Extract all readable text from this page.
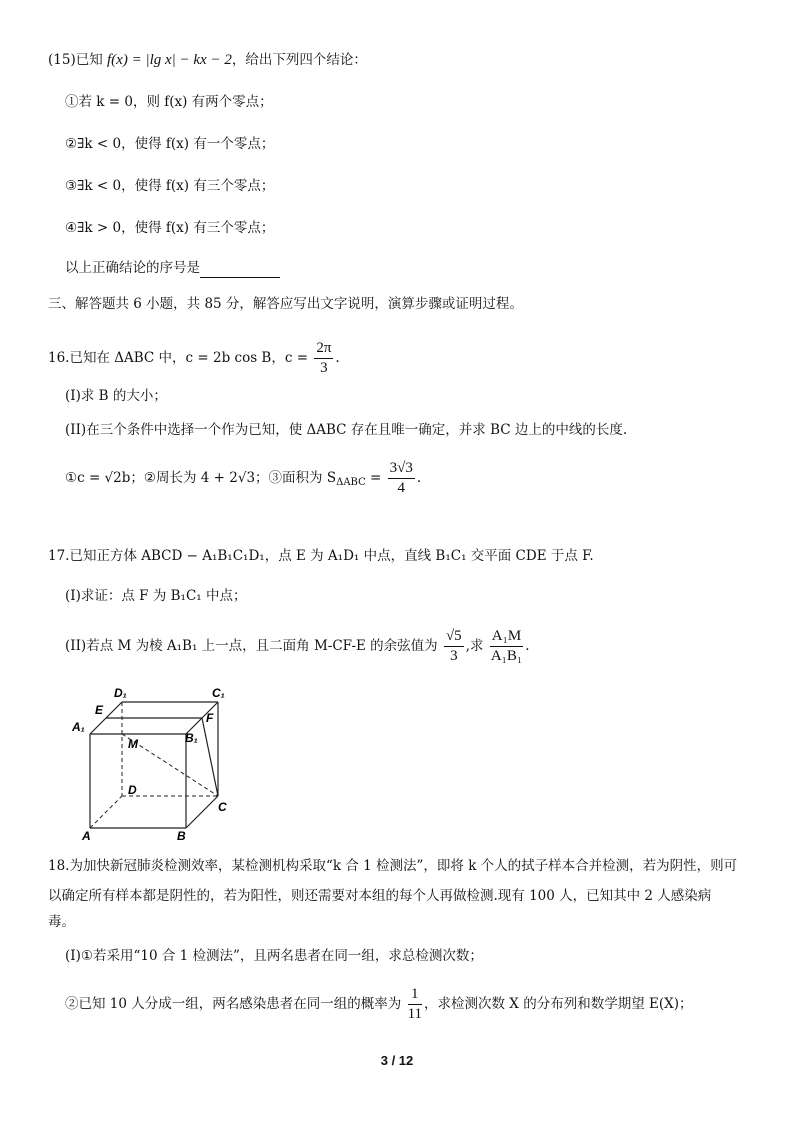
(15)已知 f(x) = |lg x| − kx − 2，给出下列四个结论：
①若 k = 0，则 f(x) 有两个零点；
②∃k < 0，使得 f(x) 有一个零点；
③∃k < 0，使得 f(x) 有三个零点；
④∃k > 0，使得 f(x) 有三个零点；
以上正确结论的序号是
三、解答题共 6 小题，共 85 分，解答应写出文字说明，演算步骤或证明过程。
16.已知在 ΔABC 中，c = 2b cos B，$c = \frac{2\pi}{3}$ .
(I)求 B 的大小；
(II)在三个条件中选择一个作为已知，使 ΔABC 存在且唯一确定，并求 BC 边上的中线的长度.
①c = √2b；②周长为 4 + 2√3；③面积为 $S_{\Delta ABC} = \frac{3√3}{4}$ .
17.已知正方体 ABCD − A₁B₁C₁D₁，点 E 为 A₁D₁ 中点，直线 B₁C₁ 交平面 CDE 于点 F.
(I)求证：点 F 为 B₁C₁ 中点；
(II)若点 M 为棱 A₁B₁ 上一点，且二面角 M-CF-E 的余弦值为 $\frac{√5}{3}$ ,求 $\frac{\text{A₁M}}{\text{A₁B₁}}$ .
D₁	C₁
E
A₁
F
B₁
M
D
C
A	B
18.为加快新冠肺炎检测效率，某检测机构采取“k 合 1 检测法”，即将 k 个人的拭子样本合并检测，若为阴性，则可
以确定所有样本都是阴性的，若为阳性，则还需要对本组的每个人再做检测.现有 100 人，已知其中 2 人感染病
毒。
(I)①若采用“10 合 1 检测法”，且两名患者在同一组，求总检测次数；
②已知 10 人分成一组，两名感染患者在同一组的概率为 $\frac{1}{11}$ ，求检测次数 X 的分布列和数学期望 E(X)；
3 / 12
